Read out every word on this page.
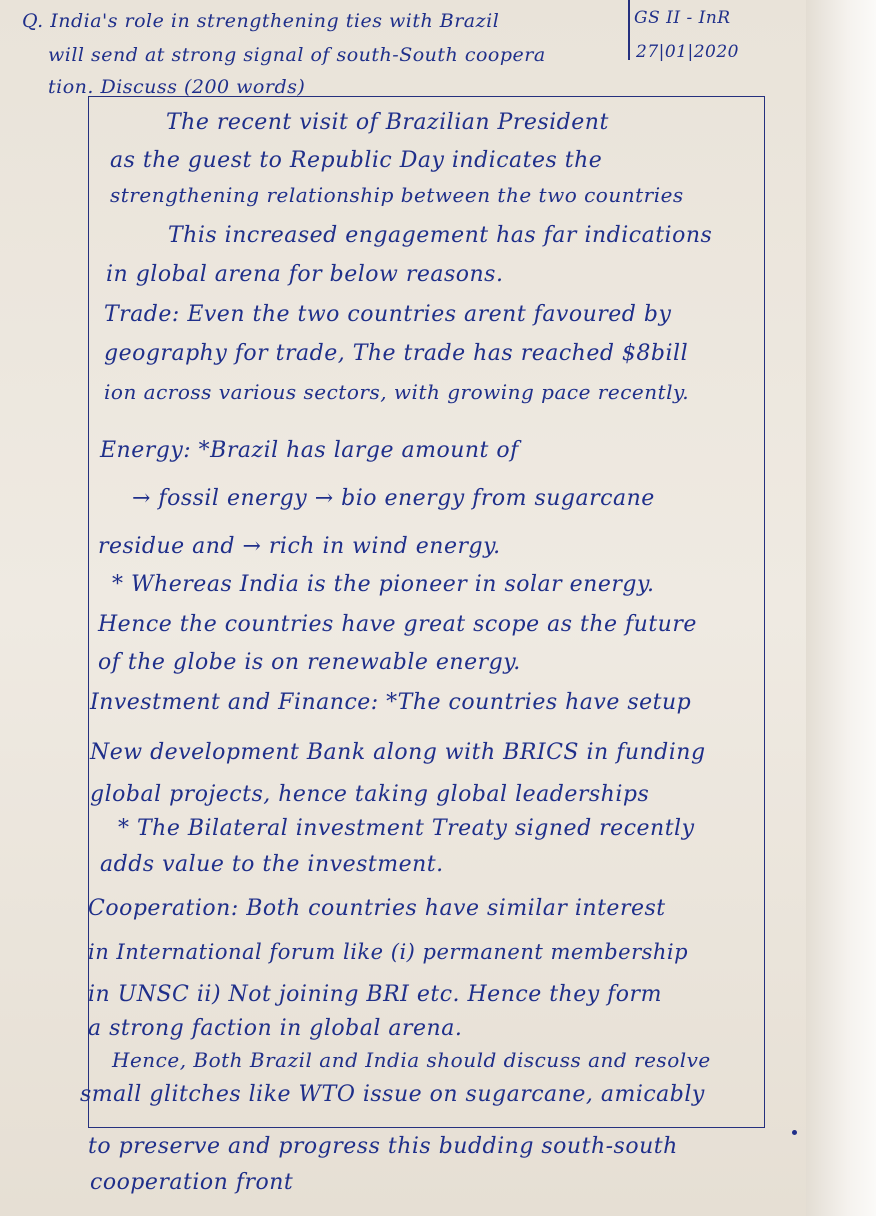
Q. India's role in strengthening ties with Brazil
will send at strong signal of south-South coopera
tion. Discuss (200 words)
GS II - InR
27|01|2020
The recent visit of Brazilian President
as the guest to Republic Day indicates the
strengthening relationship between the two countries
This increased engagement has far indications
in global arena for below reasons.
Trade: Even the two countries arent favoured by
geography for trade, The trade has reached $8bill
ion across various sectors, with growing pace recently.
Energy: *Brazil has large amount of
→ fossil energy → bio energy from sugarcane
residue and → rich in wind energy.
* Whereas India is the pioneer in solar energy.
Hence the countries have great scope as the future
of the globe is on renewable energy.
Investment and Finance: *The countries have setup
New development Bank along with BRICS in funding
global projects, hence taking global leaderships
* The Bilateral investment Treaty signed recently
adds value to the investment.
Cooperation: Both countries have similar interest
in International forum like (i) permanent membership
in UNSC ii) Not joining BRI etc. Hence they form
a strong faction in global arena.
Hence, Both Brazil and India should discuss and resolve
small glitches like WTO issue on sugarcane, amicably
to preserve and progress this budding south-south
cooperation front
